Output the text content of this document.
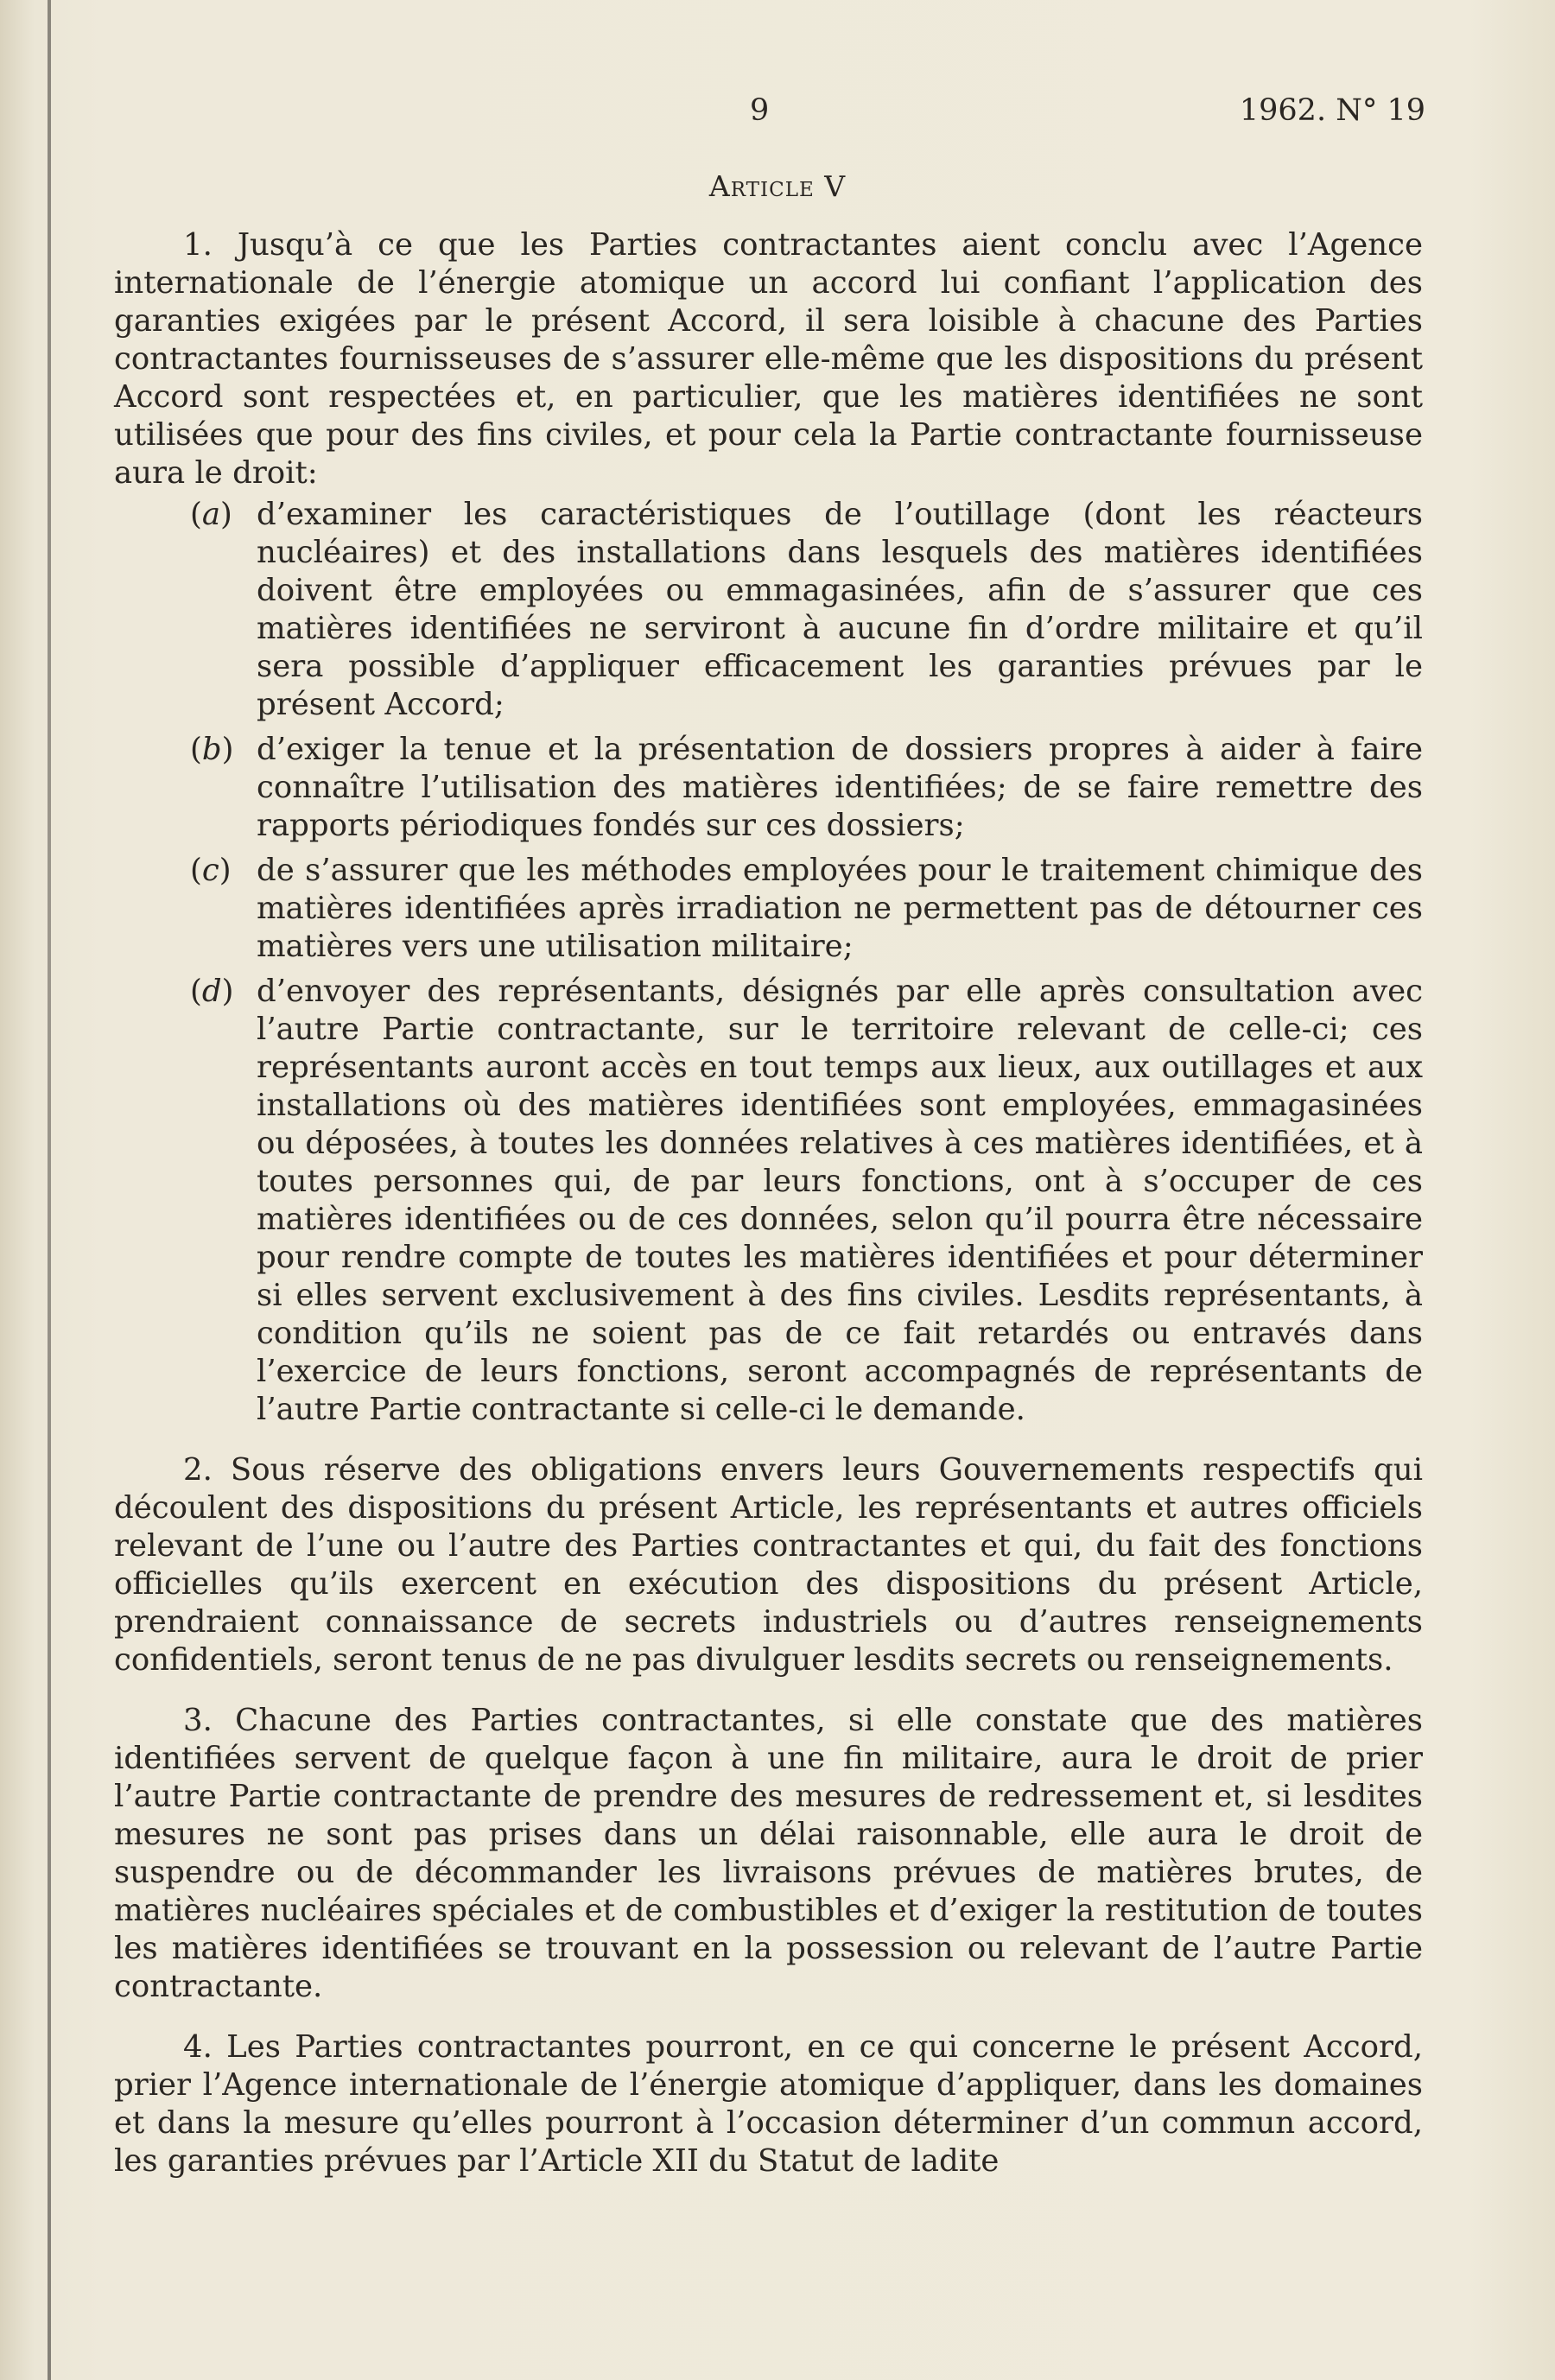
9	1962. N° 19
Article V

1. Jusqu’à ce que les Parties contractantes aient conclu avec l’Agence internationale de l’énergie atomique un accord lui confiant l’application des garanties exigées par le présent Accord, il sera loisible à chacune des Parties contractantes fournisseuses de s’assurer elle-même que les dispositions du présent Accord sont respectées et, en particulier, que les matières identifiées ne sont utilisées que pour des fins civiles, et pour cela la Partie contractante fournisseuse aura le droit:

(a) d’examiner les caractéristiques de l’outillage (dont les réacteurs nucléaires) et des installations dans lesquels des matières identifiées doivent être employées ou emmagasinées, afin de s’assurer que ces matières identifiées ne serviront à aucune fin d’ordre militaire et qu’il sera possible d’appliquer efficacement les garanties prévues par le présent Accord;
(b) d’exiger la tenue et la présentation de dossiers propres à aider à faire connaître l’utilisation des matières identifiées; de se faire remettre des rapports périodiques fondés sur ces dossiers;
(c) de s’assurer que les méthodes employées pour le traitement chimique des matières identifiées après irradiation ne permettent pas de détourner ces matières vers une utilisation militaire;
(d) d’envoyer des représentants, désignés par elle après consultation avec l’autre Partie contractante, sur le territoire relevant de celle-ci; ces représentants auront accès en tout temps aux lieux, aux outillages et aux installations où des matières identifiées sont employées, emmagasinées ou déposées, à toutes les données relatives à ces matières identifiées, et à toutes personnes qui, de par leurs fonctions, ont à s’occuper de ces matières identifiées ou de ces données, selon qu’il pourra être nécessaire pour rendre compte de toutes les matières identifiées et pour déterminer si elles servent exclusivement à des fins civiles. Lesdits représentants, à condition qu’ils ne soient pas de ce fait retardés ou entravés dans l’exercice de leurs fonctions, seront accompagnés de représentants de l’autre Partie contractante si celle-ci le demande.

2. Sous réserve des obligations envers leurs Gouvernements respectifs qui découlent des dispositions du présent Article, les représentants et autres officiels relevant de l’une ou l’autre des Parties contractantes et qui, du fait des fonctions officielles qu’ils exercent en exécution des dispositions du présent Article, prendraient connaissance de secrets industriels ou d’autres renseignements confidentiels, seront tenus de ne pas divulguer lesdits secrets ou renseignements.

3. Chacune des Parties contractantes, si elle constate que des matières identifiées servent de quelque façon à une fin militaire, aura le droit de prier l’autre Partie contractante de prendre des mesures de redressement et, si lesdites mesures ne sont pas prises dans un délai raisonnable, elle aura le droit de suspendre ou de décommander les livraisons prévues de matières brutes, de matières nucléaires spéciales et de combustibles et d’exiger la restitution de toutes les matières identifiées se trouvant en la possession ou relevant de l’autre Partie contractante.

4. Les Parties contractantes pourront, en ce qui concerne le présent Accord, prier l’Agence internationale de l’énergie atomique d’appliquer, dans les domaines et dans la mesure qu’elles pourront à l’occasion déterminer d’un commun accord, les garanties prévues par l’Article XII du Statut de ladite
